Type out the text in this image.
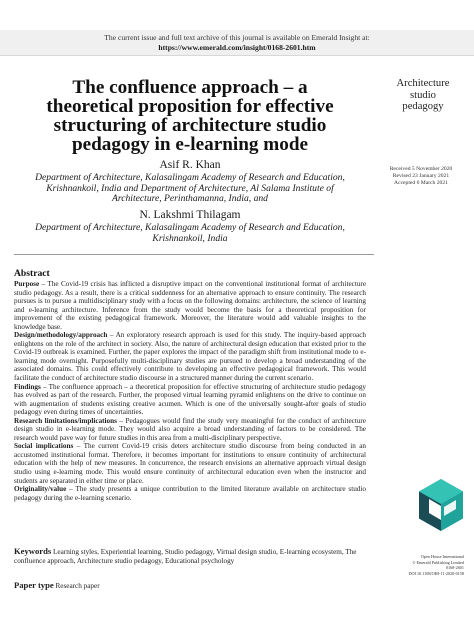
The current issue and full text archive of this journal is available on Emerald Insight at:
https://www.emerald.com/insight/0168-2601.htm
The confluence approach – a
theoretical proposition for effective
structuring of architecture studio
pedagogy in e-learning mode
Architecture
studio
pedagogy
Received 5 November 2020
Revised 23 January 2021
Accepted 6 March 2021
Asif R. Khan
Department of Architecture, Kalasalingam Academy of Research and Education,
Krishnankoil, India and Department of Architecture, Al Salama Institute of
Architecture, Perinthamanna, India, and
N. Lakshmi Thilagam
Department of Architecture, Kalasalingam Academy of Research and Education,
Krishnankoil, India
Abstract

Purpose – The Covid-19 crisis has inflicted a disruptive impact on the conventional institutional format of architecture studio pedagogy. As a result, there is a critical suddenness for an alternative approach to ensure continuity. The research pursues is to pursue a multidisciplinary study with a focus on the following domains: architecture, the science of learning and e-learning architecture. Inference from the study would become the basis for a theoretical proposition for improvement of the existing pedagogical framework. Moreover, the literature would add valuable insights to the knowledge base.

Design/methodology/approach – An exploratory research approach is used for this study. The inquiry-based approach enlightens on the role of the architect in society. Also, the nature of architectural design education that existed prior to the Covid-19 outbreak is examined. Further, the paper explores the impact of the paradigm shift from institutional mode to e-learning mode overnight. Purposefully multi-disciplinary studies are pursued to develop a broad understanding of the associated domains. This could effectively contribute to developing an effective pedagogical framework. This would facilitate the conduct of architecture studio discourse in a structured manner during the current scenario.

Findings – The confluence approach – a theoretical proposition for effective structuring of architecture studio pedagogy has evolved as part of the research. Further, the proposed virtual learning pyramid enlightens on the drive to continue on with augmentation of students existing creative acumen. Which is one of the universally sought-after goals of studio pedagogy even during times of uncertainties.

Research limitations/implications – Pedagogues would find the study very meaningful for the conduct of architecture design studio in e-learning mode. They would also acquire a broad understanding of factors to be considered. The research would pave way for future studies in this area from a multi-disciplinary perspective.

Social implications – The current Covid-19 crisis deters architecture studio discourse from being conducted in an accustomed institutional format. Therefore, it becomes important for institutions to ensure continuity of architectural education with the help of new measures. In concurrence, the research envisions an alternative approach virtual design studio using e-learning mode. This would ensure continuity of architectural education even when the instructor and students are separated in either time or place.

Originality/value – The study presents a unique contribution to the limited literature available on architecture studio pedagogy during the e-learning scenario.

Keywords Learning styles, Experiential learning, Studio pedagogy, Virtual design studio, E-learning ecosystem, The confluence approach, Architecture studio pedagogy, Educational psychology
Paper type Research paper
Open House International
© Emerald Publishing Limited
0168-2601
DOI 10.1108/OHI-11-2020-0158
